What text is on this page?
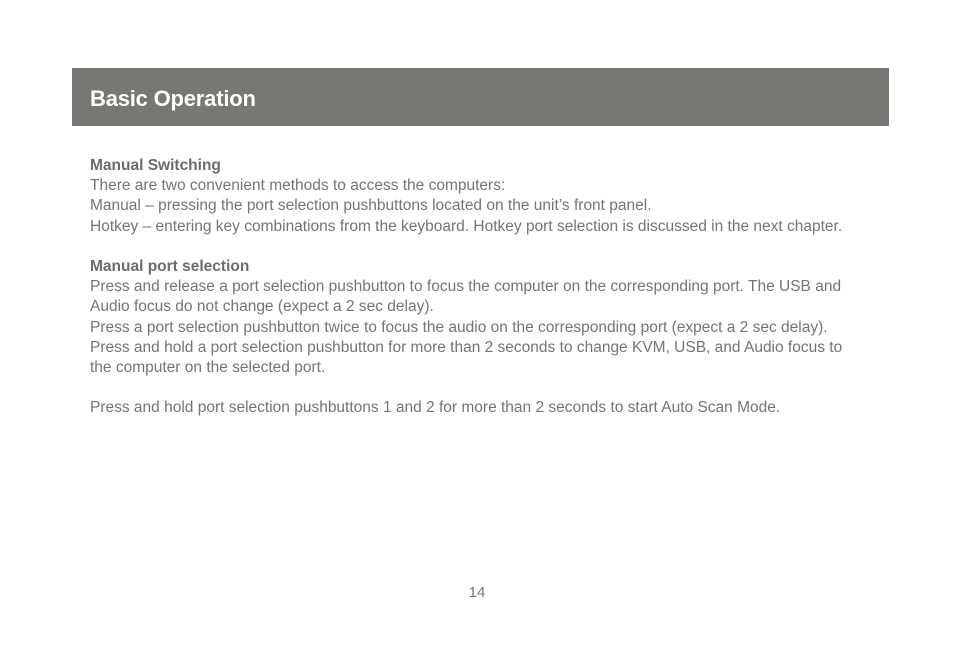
Basic Operation

Manual Switching

There are two convenient methods to access the computers:

Manual – pressing the port selection pushbuttons located on the unit’s front panel.

Hotkey – entering key combinations from the keyboard. Hotkey port selection is discussed in the next chapter.

Manual port selection

Press and release a port selection pushbutton to focus the computer on the corresponding port. The USB and Audio focus do not change (expect a 2 sec delay).

Press a port selection pushbutton twice to focus the audio on the corresponding port (expect a 2 sec delay).

Press and hold a port selection pushbutton for more than 2 seconds to change KVM, USB, and Audio focus to the computer on the selected port.

Press and hold port selection pushbuttons 1 and 2 for more than 2 seconds to start Auto Scan Mode.

14
